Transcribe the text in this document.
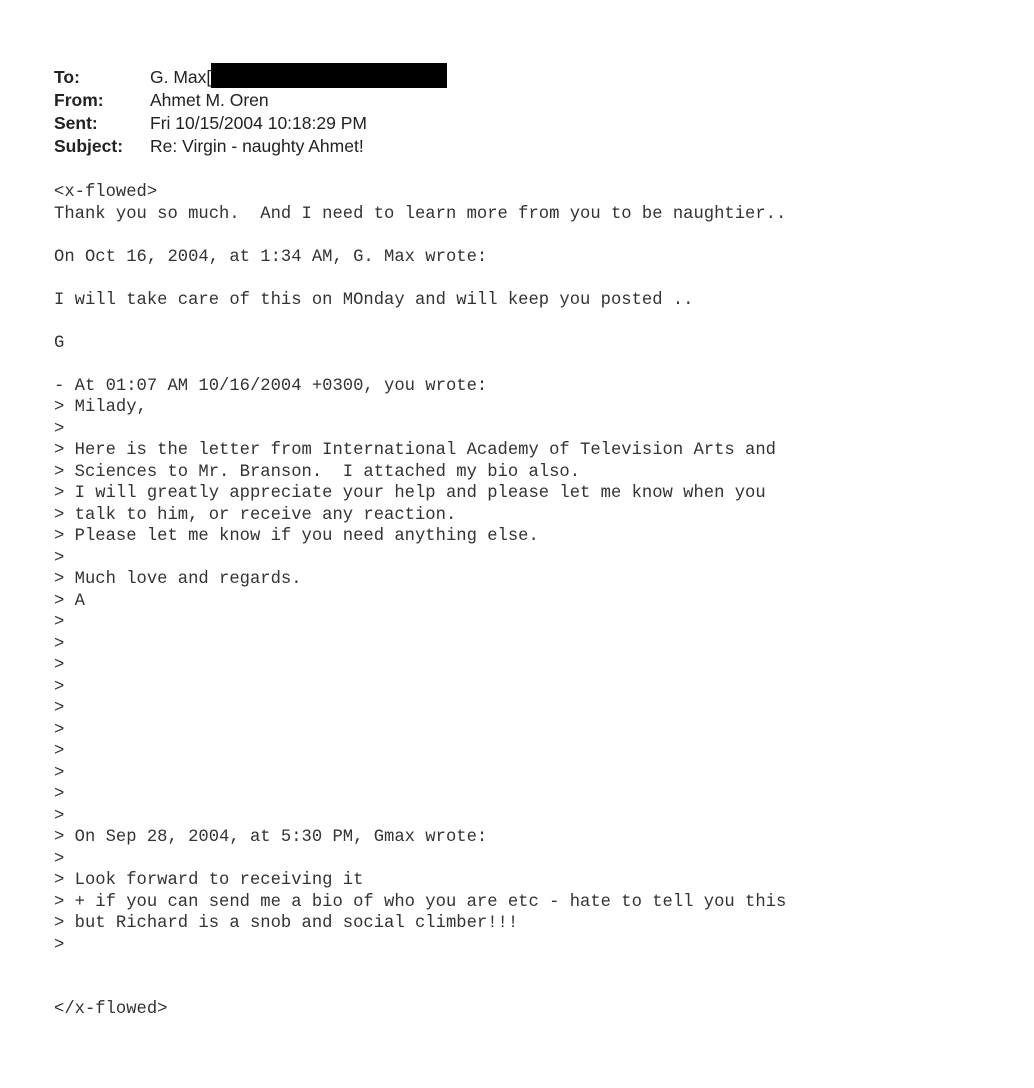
To:	G. Max[
From:	Ahmet M. Oren
Sent:	Fri 10/15/2004 10:18:29 PM
Subject:	Re: Virgin - naughty Ahmet!
<x-flowed>
Thank you so much.  And I need to learn more from you to be naughtier..
On Oct 16, 2004, at 1:34 AM, G. Max wrote:
I will take care of this on MOnday and will keep you posted ..
G
- At 01:07 AM 10/16/2004 +0300, you wrote:
> Milady,
>
> Here is the letter from International Academy of Television Arts and
> Sciences to Mr. Branson.  I attached my bio also.
> I will greatly appreciate your help and please let me know when you
> talk to him, or receive any reaction.
> Please let me know if you need anything else.
>
> Much love and regards.
> A
>
>
>
>
>
>
>
>
>
>
> On Sep 28, 2004, at 5:30 PM, Gmax wrote:
>
> Look forward to receiving it
> + if you can send me a bio of who you are etc - hate to tell you this
> but Richard is a snob and social climber!!!
>
</x-flowed>
